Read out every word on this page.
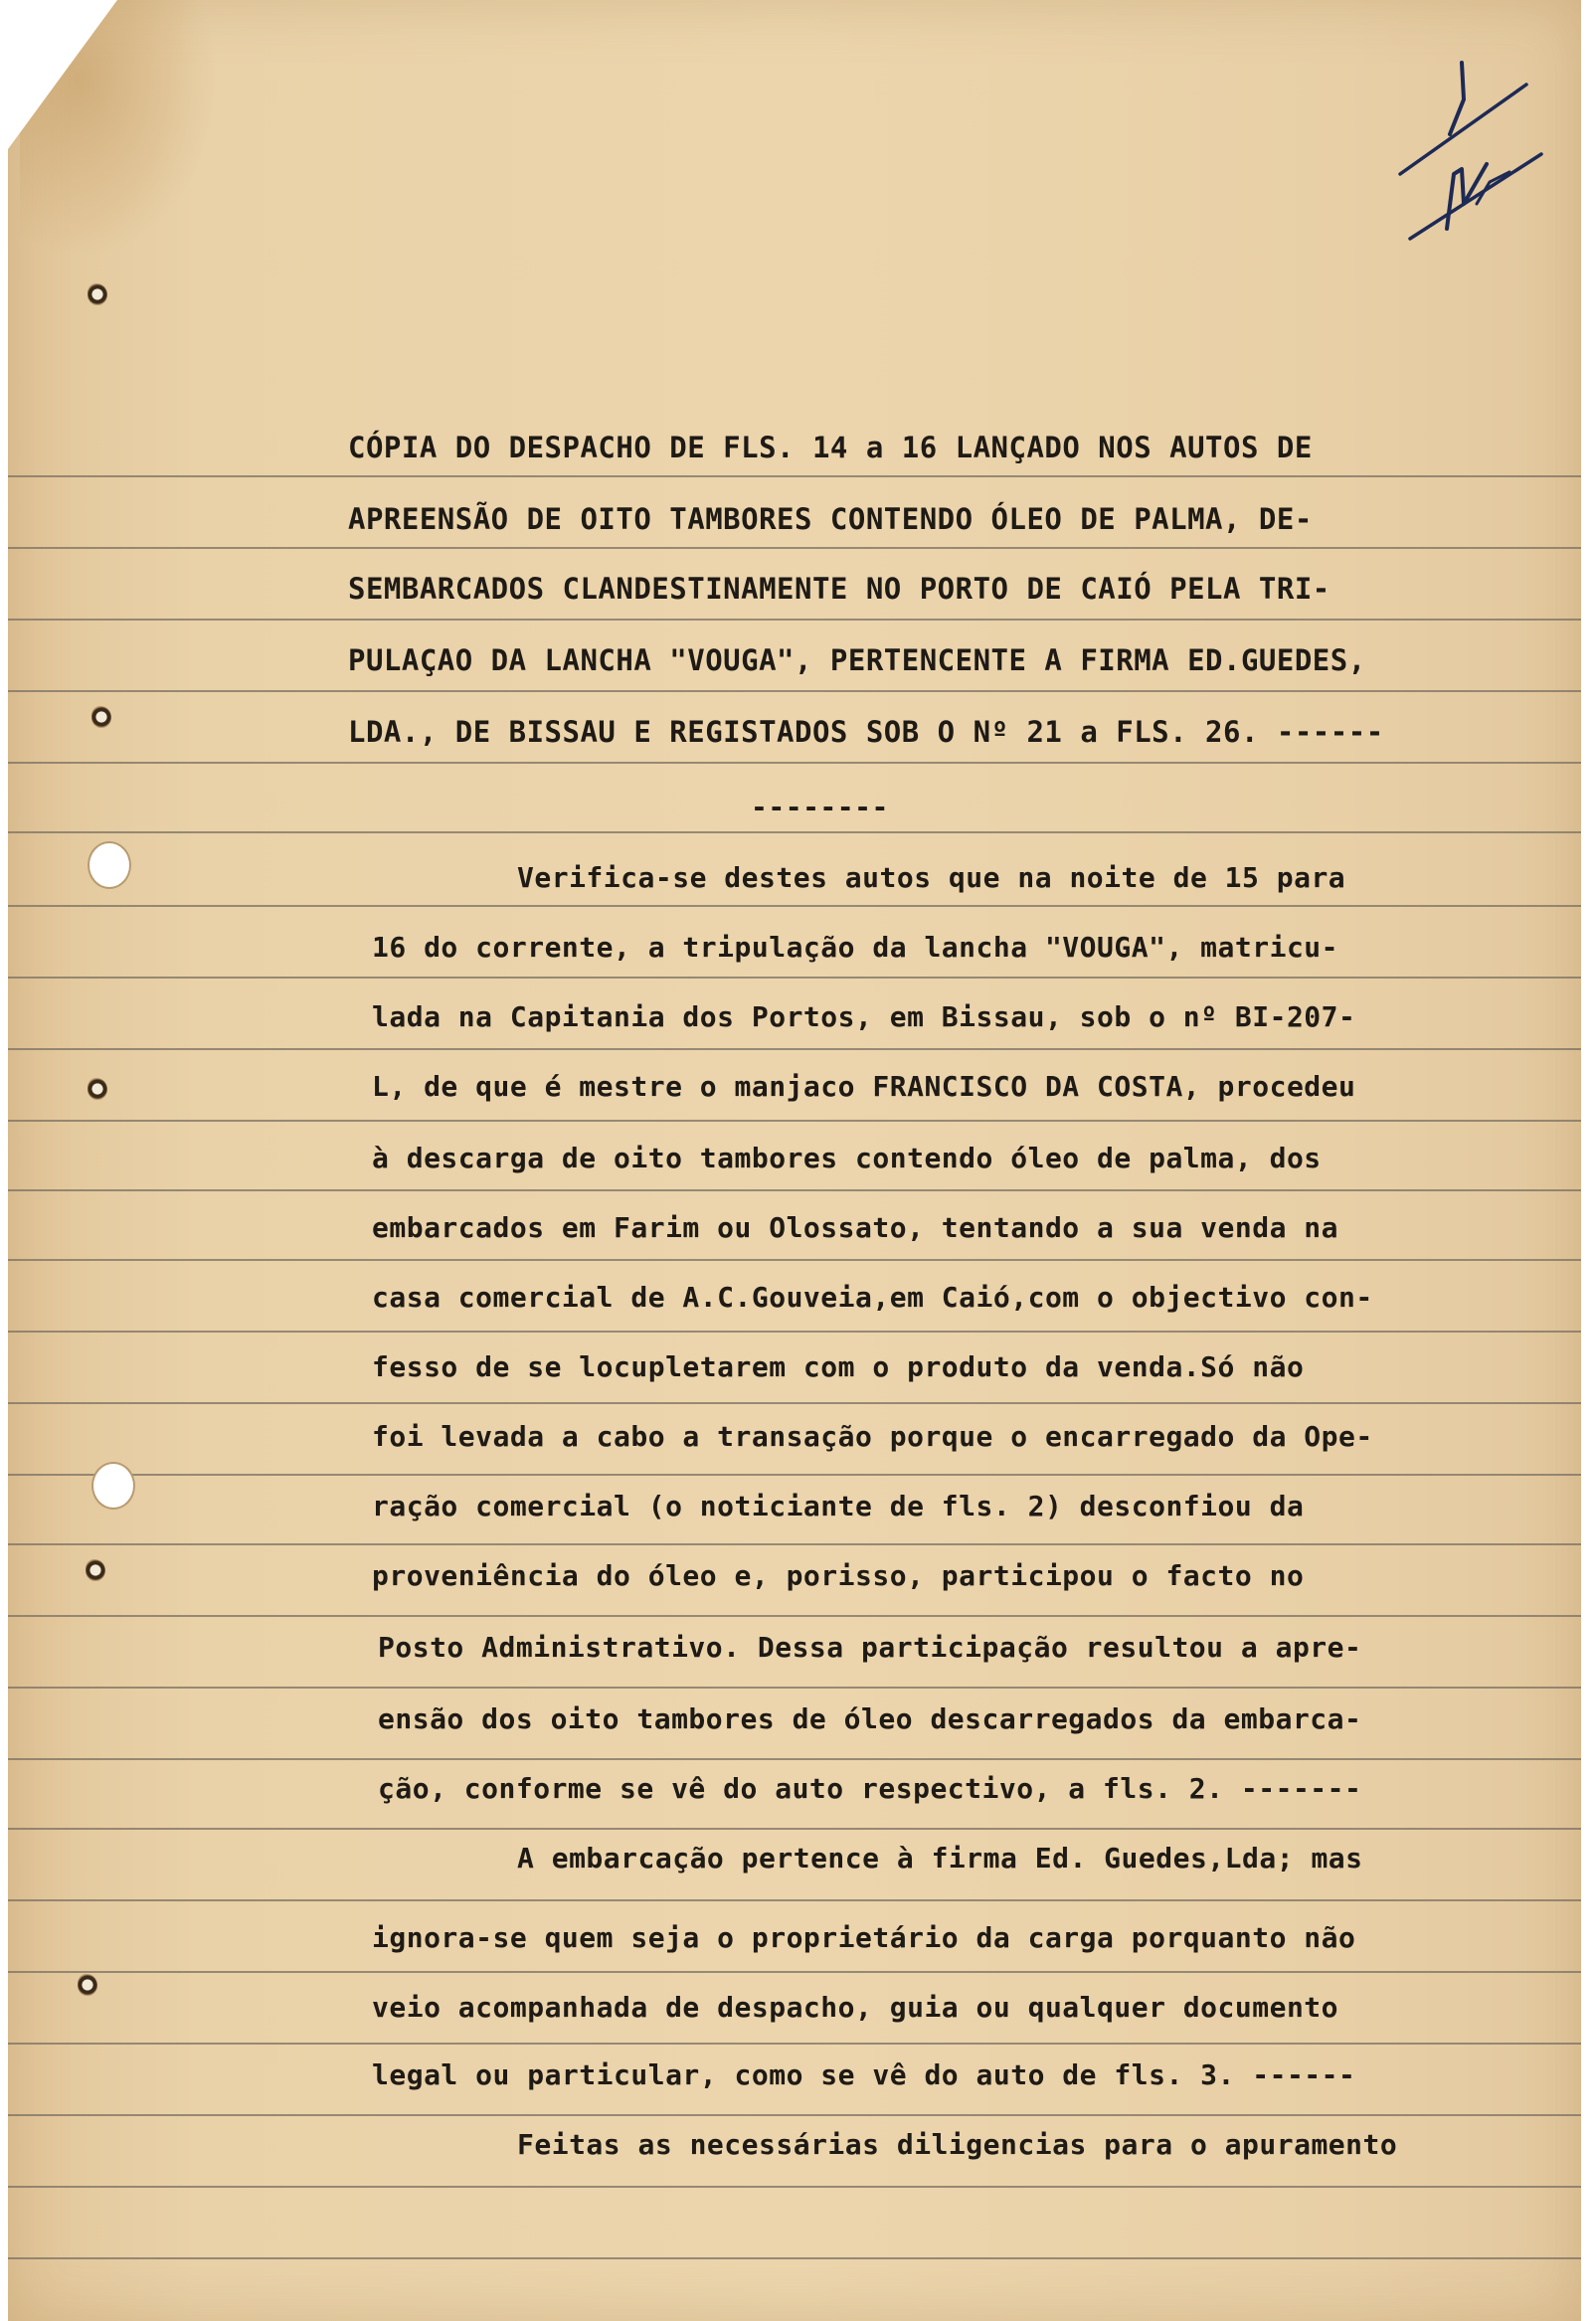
CÓPIA DO DESPACHO DE FLS. 14 a 16 LANÇADO NOS AUTOS DE
APREENSÃO DE OITO TAMBORES CONTENDO ÓLEO DE PALMA, DE-
SEMBARCADOS CLANDESTINAMENTE NO PORTO DE CAIÓ PELA TRI-
PULAÇAO DA LANCHA "VOUGA", PERTENCENTE A FIRMA ED.GUEDES,
LDA., DE BISSAU E REGISTADOS SOB O Nº 21 a FLS. 26. ------
--------
Verifica-se destes autos que na noite de 15 para
16 do corrente, a tripulação da lancha "VOUGA", matricu-
lada na Capitania dos Portos, em Bissau, sob o nº BI-207-
L, de que é mestre o manjaco FRANCISCO DA COSTA, procedeu
à descarga de oito tambores contendo óleo de palma, dos
embarcados em Farim ou Olossato, tentando a sua venda na
casa comercial de A.C.Gouveia,em Caió,com o objectivo con-
fesso de se locupletarem com o produto da venda.Só não
foi levada a cabo a transação porque o encarregado da Ope-
ração comercial (o noticiante de fls. 2) desconfiou da
proveniência do óleo e, porisso, participou o facto no
Posto Administrativo. Dessa participação resultou a apre-
ensão dos oito tambores de óleo descarregados da embarca-
ção, conforme se vê do auto respectivo, a fls. 2. -------
A embarcação pertence à firma Ed. Guedes,Lda; mas
ignora-se quem seja o proprietário da carga porquanto não
veio acompanhada de despacho, guia ou qualquer documento
legal ou particular, como se vê do auto de fls. 3. ------
Feitas as necessárias diligencias para o apuramento
